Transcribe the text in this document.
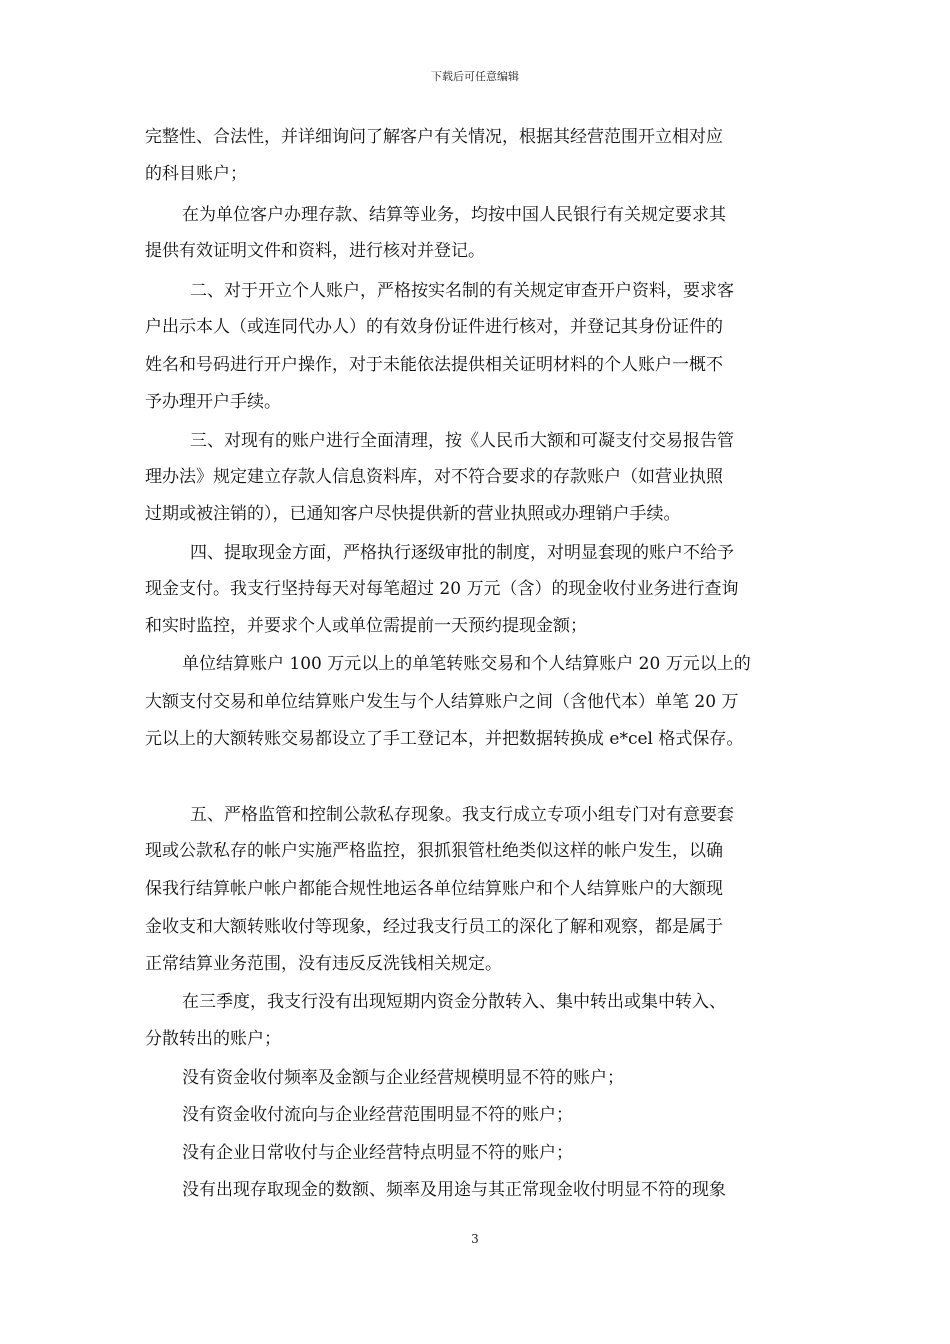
下载后可任意编辑
完整性、合法性，并详细询问了解客户有关情况，根据其经营范围开立相对应
的科目账户；
在为单位客户办理存款、结算等业务，均按中国人民银行有关规定要求其
提供有效证明文件和资料，进行核对并登记。
二、对于开立个人账户，严格按实名制的有关规定审查开户资料，要求客
户出示本人（或连同代办人）的有效身份证件进行核对，并登记其身份证件的
姓名和号码进行开户操作，对于未能依法提供相关证明材料的个人账户一概不
予办理开户手续。
三、对现有的账户进行全面清理，按《人民币大额和可凝支付交易报告管
理办法》规定建立存款人信息资料库，对不符合要求的存款账户（如营业执照
过期或被注销的），已通知客户尽快提供新的营业执照或办理销户手续。
四、提取现金方面，严格执行逐级审批的制度，对明显套现的账户不给予
现金支付。我支行坚持每天对每笔超过 20 万元（含）的现金收付业务进行查询
和实时监控，并要求个人或单位需提前一天预约提现金额；
单位结算账户 100 万元以上的单笔转账交易和个人结算账户 20 万元以上的
大额支付交易和单位结算账户发生与个人结算账户之间（含他代本）单笔 20 万
元以上的大额转账交易都设立了手工登记本，并把数据转换成 e*cel 格式保存。
五、严格监管和控制公款私存现象。我支行成立专项小组专门对有意要套
现或公款私存的帐户实施严格监控，狠抓狠管杜绝类似这样的帐户发生，以确
保我行结算帐户帐户都能合规性地运各单位结算账户和个人结算账户的大额现
金收支和大额转账收付等现象，经过我支行员工的深化了解和观察，都是属于
正常结算业务范围，没有违反反洗钱相关规定。
在三季度，我支行没有出现短期内资金分散转入、集中转出或集中转入、
分散转出的账户；
没有资金收付频率及金额与企业经营规模明显不符的账户；
没有资金收付流向与企业经营范围明显不符的账户；
没有企业日常收付与企业经营特点明显不符的账户；
没有出现存取现金的数额、频率及用途与其正常现金收付明显不符的现象
3
